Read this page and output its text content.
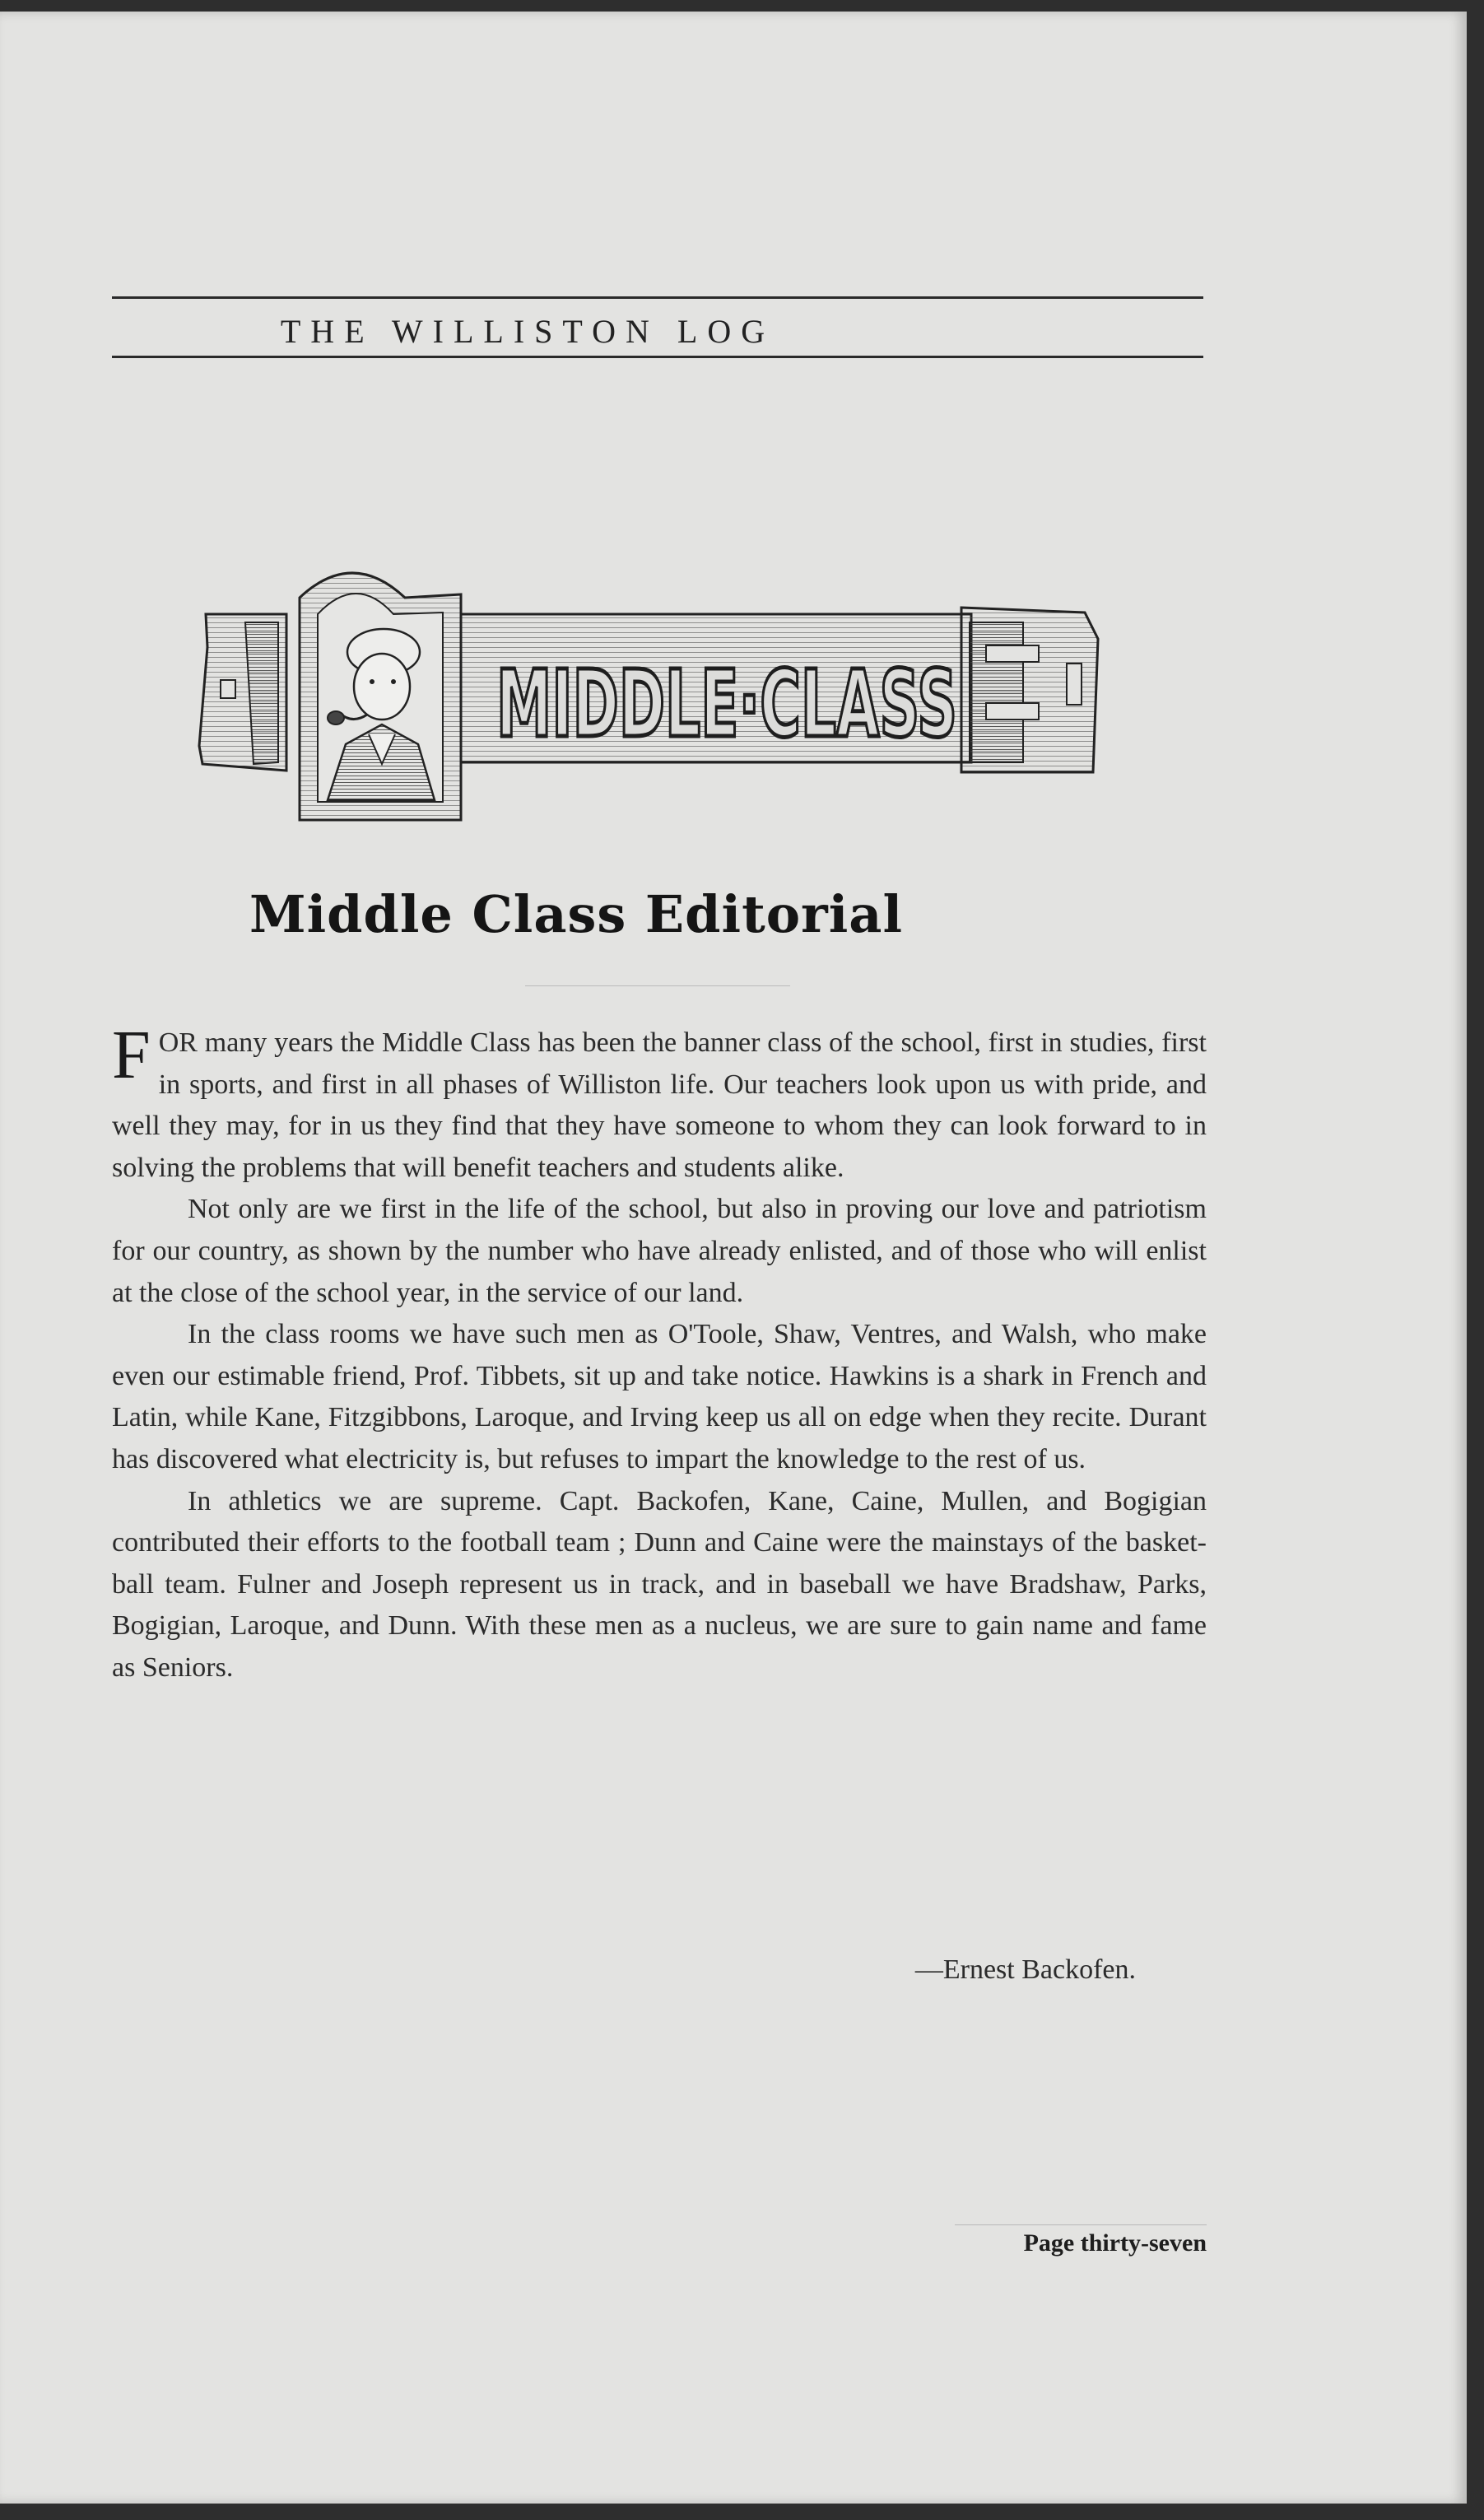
THE WILLISTON LOG
MIDDLE·CLASS
Middle Class Editorial

F OR many years the Middle Class has been the banner class of the school, first in studies, first in sports, and first in all phases of Williston life. Our teachers look upon us with pride, and well they may, for in us they find that they have someone to whom they can look forward to in solving the problems that will benefit teachers and students alike.

Not only are we first in the life of the school, but also in proving our love and patriotism for our country, as shown by the number who have already enlisted, and of those who will enlist at the close of the school year, in the service of our land.

In the class rooms we have such men as O'Toole, Shaw, Ventres, and Walsh, who make even our estimable friend, Prof. Tibbets, sit up and take notice. Hawkins is a shark in French and Latin, while Kane, Fitzgibbons, Laroque, and Irving keep us all on edge when they recite. Durant has discovered what electricity is, but refuses to impart the knowledge to the rest of us.

In athletics we are supreme. Capt. Backofen, Kane, Caine, Mullen, and Bogigian contributed their efforts to the football team ; Dunn and Caine were the mainstays of the basket-ball team. Fulner and Joseph represent us in track, and in baseball we have Bradshaw, Parks, Bogigian, Laroque, and Dunn. With these men as a nucleus, we are sure to gain name and fame as Seniors.

—Ernest Backofen.
Page thirty-seven
